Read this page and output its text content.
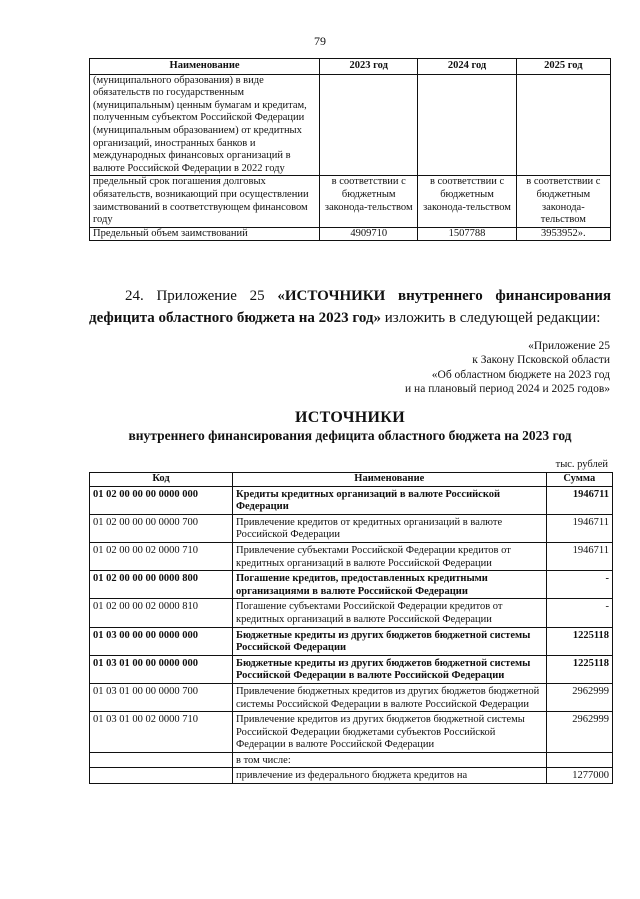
79
Наименование	2023 год	2024 год	2025 год
(муниципального образования) в виде обязательств по государственным (муниципальным) ценным бумагам и кредитам, полученным субъектом Российской Федерации (муниципальным образованием) от кредитных организаций, иностранных банков и международных финансовых организаций в валюте Российской Федерации в 2022 году			
предельный срок погашения долговых обязательств, возникающий при осуществлении заимствований в соответствующем финансовом году	в соответствии с бюджетным законода-тельством	в соответствии с бюджетным законода-тельством	в соответствии с бюджетным законода-тельством
Предельный объем заимствований	4909710	1507788	3953952».
24. Приложение 25 «ИСТОЧНИКИ внутреннего финансирования дефицита областного бюджета на 2023 год» изложить в следующей редакции:
«Приложение 25
к Закону Псковской области
«Об областном бюджете на 2023 год
и на плановый период 2024 и 2025 годов»
ИСТОЧНИКИ
внутреннего финансирования дефицита областного бюджета на 2023 год
тыс. рублей
Код	Наименование	Сумма
01 02 00 00 00 0000 000	Кредиты кредитных организаций в валюте Российской Федерации	1946711
01 02 00 00 00 0000 700	Привлечение кредитов от кредитных организаций в валюте Российской Федерации	1946711
01 02 00 00 02 0000 710	Привлечение субъектами Российской Федерации кредитов от кредитных организаций в валюте Российской Федерации	1946711
01 02 00 00 00 0000 800	Погашение кредитов, предоставленных кредитными организациями в валюте Российской Федерации	-
01 02 00 00 02 0000 810	Погашение субъектами Российской Федерации кредитов от кредитных организаций в валюте Российской Федерации	-
01 03 00 00 00 0000 000	Бюджетные кредиты из других бюджетов бюджетной системы Российской Федерации	1225118
01 03 01 00 00 0000 000	Бюджетные кредиты из других бюджетов бюджетной системы Российской Федерации в валюте Российской Федерации	1225118
01 03 01 00 00 0000 700	Привлечение бюджетных кредитов из других бюджетов бюджетной системы Российской Федерации в валюте Российской Федерации	2962999
01 03 01 00 02 0000 710	Привлечение кредитов из других бюджетов бюджетной системы Российской Федерации бюджетами субъектов Российской Федерации в валюте Российской Федерации	2962999
	в том числе:	
	привлечение из федерального бюджета кредитов на	1277000
